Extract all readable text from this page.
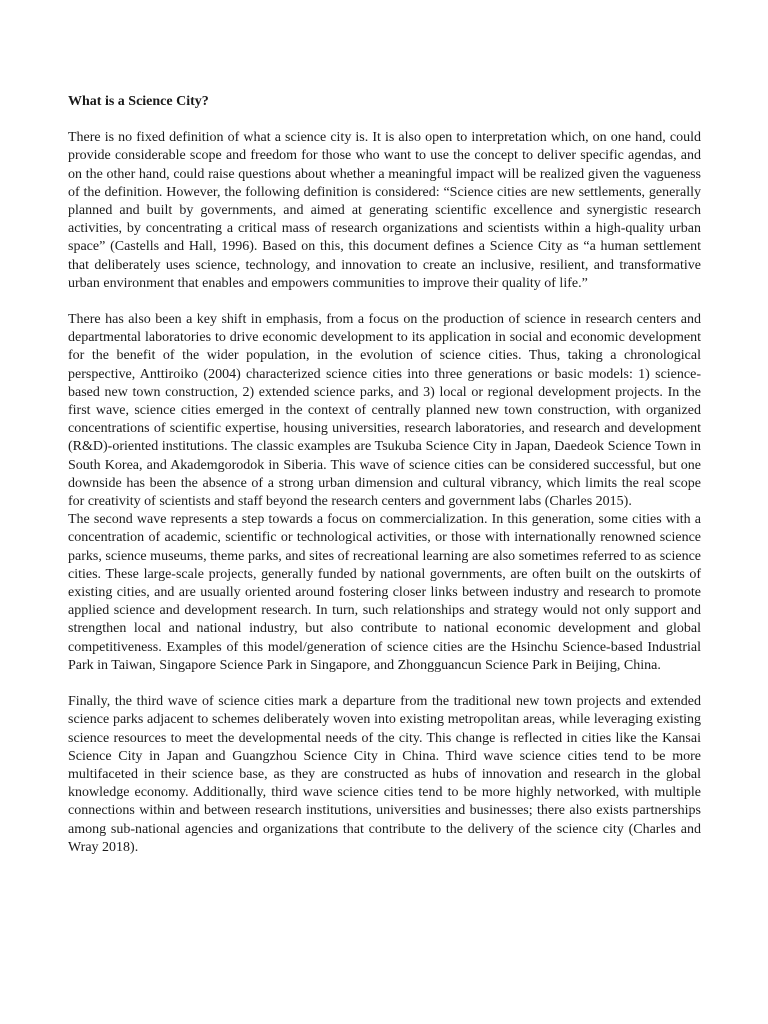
What is a Science City?

There is no fixed definition of what a science city is. It is also open to interpretation which, on one hand, could provide considerable scope and freedom for those who want to use the concept to deliver specific agendas, and on the other hand, could raise questions about whether a meaningful impact will be realized given the vagueness of the definition. However, the following definition is considered: “Science cities are new settlements, generally planned and built by governments, and aimed at generating scientific excellence and synergistic research activities, by concentrating a critical mass of research organizations and scientists within a high-quality urban space” (Castells and Hall, 1996). Based on this, this document defines a Science City as “a human settlement that deliberately uses science, technology, and innovation to create an inclusive, resilient, and transformative urban environment that enables and empowers communities to improve their quality of life.”

There has also been a key shift in emphasis, from a focus on the production of science in research centers and departmental laboratories to drive economic development to its application in social and economic development for the benefit of the wider population, in the evolution of science cities. Thus, taking a chronological perspective, Anttiroiko (2004) characterized science cities into three generations or basic models: 1) science-based new town construction, 2) extended science parks, and 3) local or regional development projects. In the first wave, science cities emerged in the context of centrally planned new town construction, with organized concentrations of scientific expertise, housing universities, research laboratories, and research and development (R&D)-oriented institutions. The classic examples are Tsukuba Science City in Japan, Daedeok Science Town in South Korea, and Akademgorodok in Siberia. This wave of science cities can be considered successful, but one downside has been the absence of a strong urban dimension and cultural vibrancy, which limits the real scope for creativity of scientists and staff beyond the research centers and government labs (Charles 2015).

The second wave represents a step towards a focus on commercialization. In this generation, some cities with a concentration of academic, scientific or technological activities, or those with internationally renowned science parks, science museums, theme parks, and sites of recreational learning are also sometimes referred to as science cities. These large-scale projects, generally funded by national governments, are often built on the outskirts of existing cities, and are usually oriented around fostering closer links between industry and research to promote applied science and development research. In turn, such relationships and strategy would not only support and strengthen local and national industry, but also contribute to national economic development and global competitiveness. Examples of this model/generation of science cities are the Hsinchu Science-based Industrial Park in Taiwan, Singapore Science Park in Singapore, and Zhongguancun Science Park in Beijing, China.

Finally, the third wave of science cities mark a departure from the traditional new town projects and extended science parks adjacent to schemes deliberately woven into existing metropolitan areas, while leveraging existing science resources to meet the developmental needs of the city. This change is reflected in cities like the Kansai Science City in Japan and Guangzhou Science City in China. Third wave science cities tend to be more multifaceted in their science base, as they are constructed as hubs of innovation and research in the global knowledge economy. Additionally, third wave science cities tend to be more highly networked, with multiple connections within and between research institutions, universities and businesses; there also exists partnerships among sub-national agencies and organizations that contribute to the delivery of the science city (Charles and Wray 2018).
